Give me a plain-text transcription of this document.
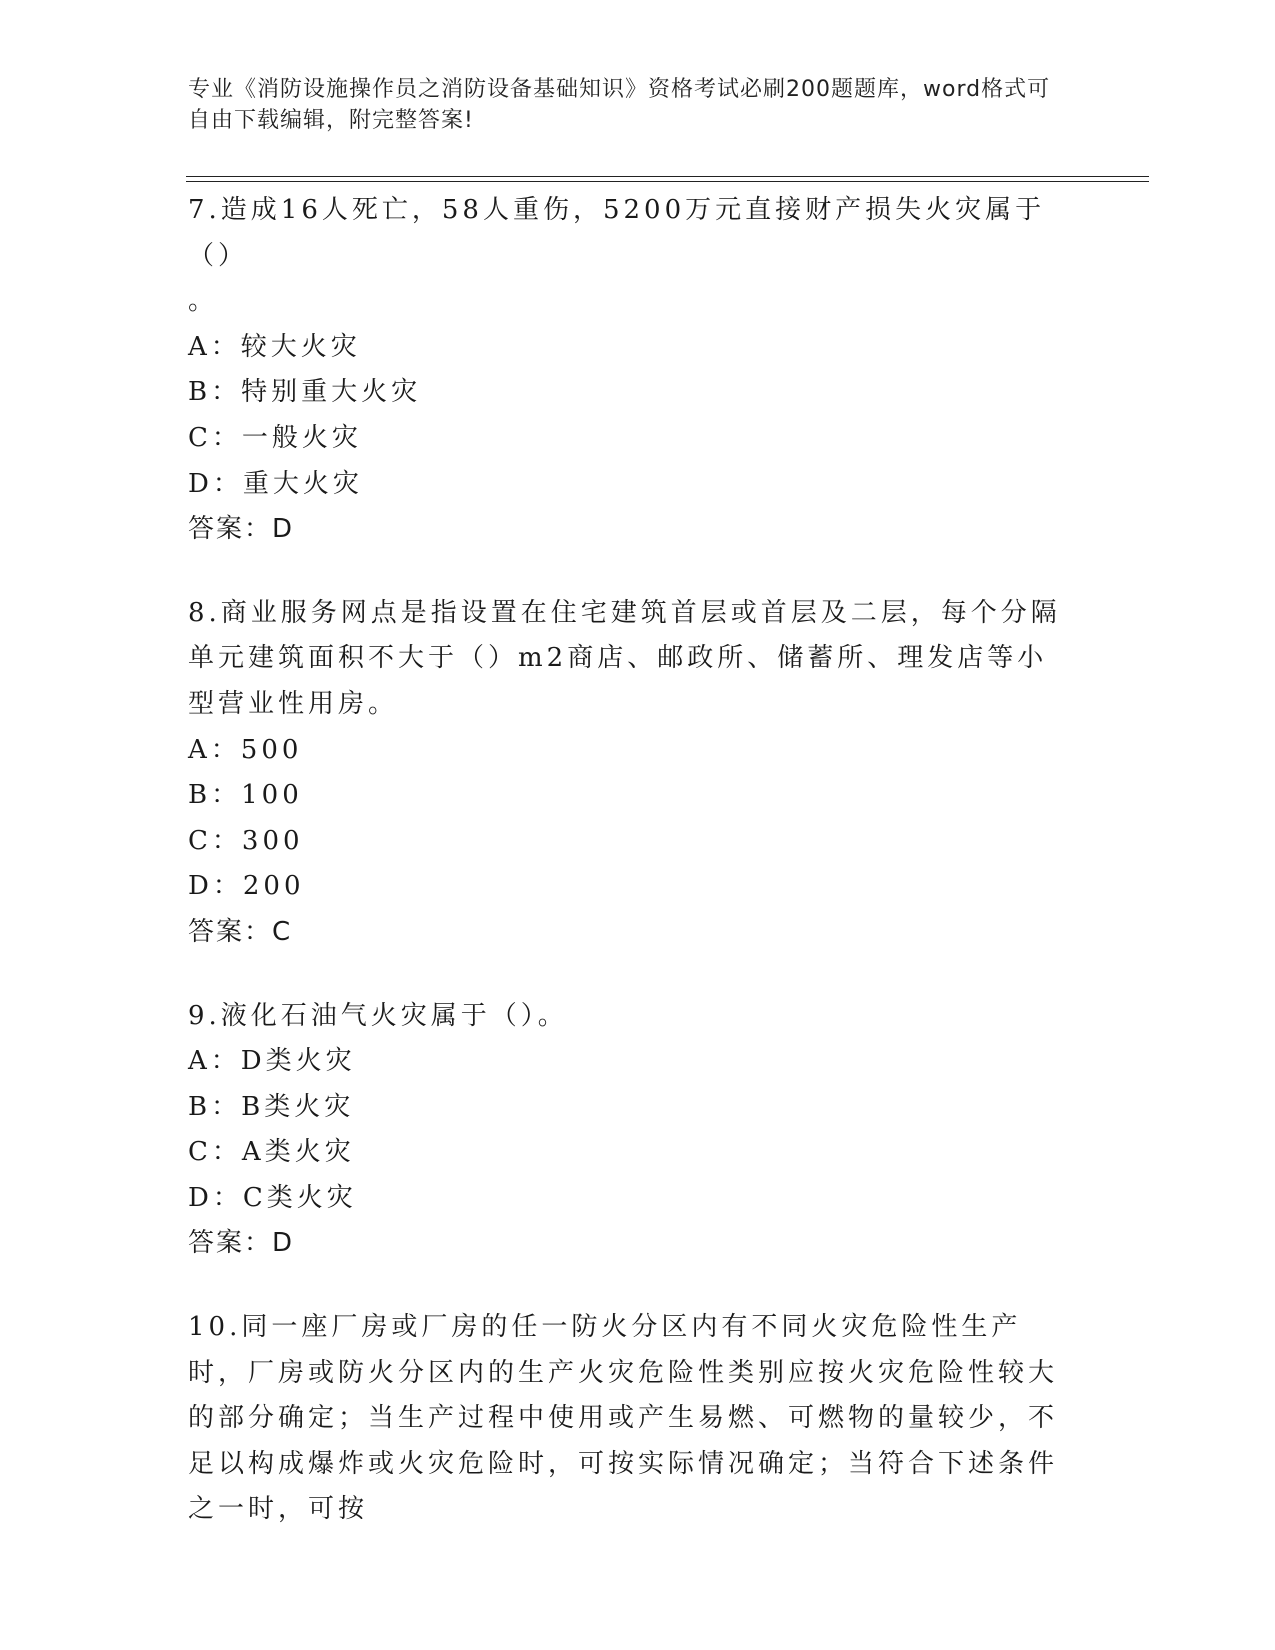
专业《消防设施操作员之消防设备基础知识》资格考试必刷200题题库，word格式可自由下载编辑，附完整答案!
7.造成16人死亡，58人重伤，5200万元直接财产损失火灾属于（）
。
A ： 较大火灾
B ： 特别重大火灾
C ： 一般火灾
D ： 重大火灾
答案：D
8.商业服务网点是指设置在住宅建筑首层或首层及二层，每个分隔单元建筑面积不大于（）m2商店、邮政所、储蓄所、理发店等小型营业性用房。
A ： 500
B ： 100
C ： 300
D ： 200
答案：C
9.液化石油气火灾属于（）。
A ： D类火灾
B ： B类火灾
C ： A类火灾
D ： C类火灾
答案：D
10.同一座厂房或厂房的任一防火分区内有不同火灾危险性生产时，厂房或防火分区内的生产火灾危险性类别应按火灾危险性较大的部分确定；当生产过程中使用或产生易燃、可燃物的量较少，不足以构成爆炸或火灾危险时，可按实际情况确定；当符合下述条件之一时，可按
